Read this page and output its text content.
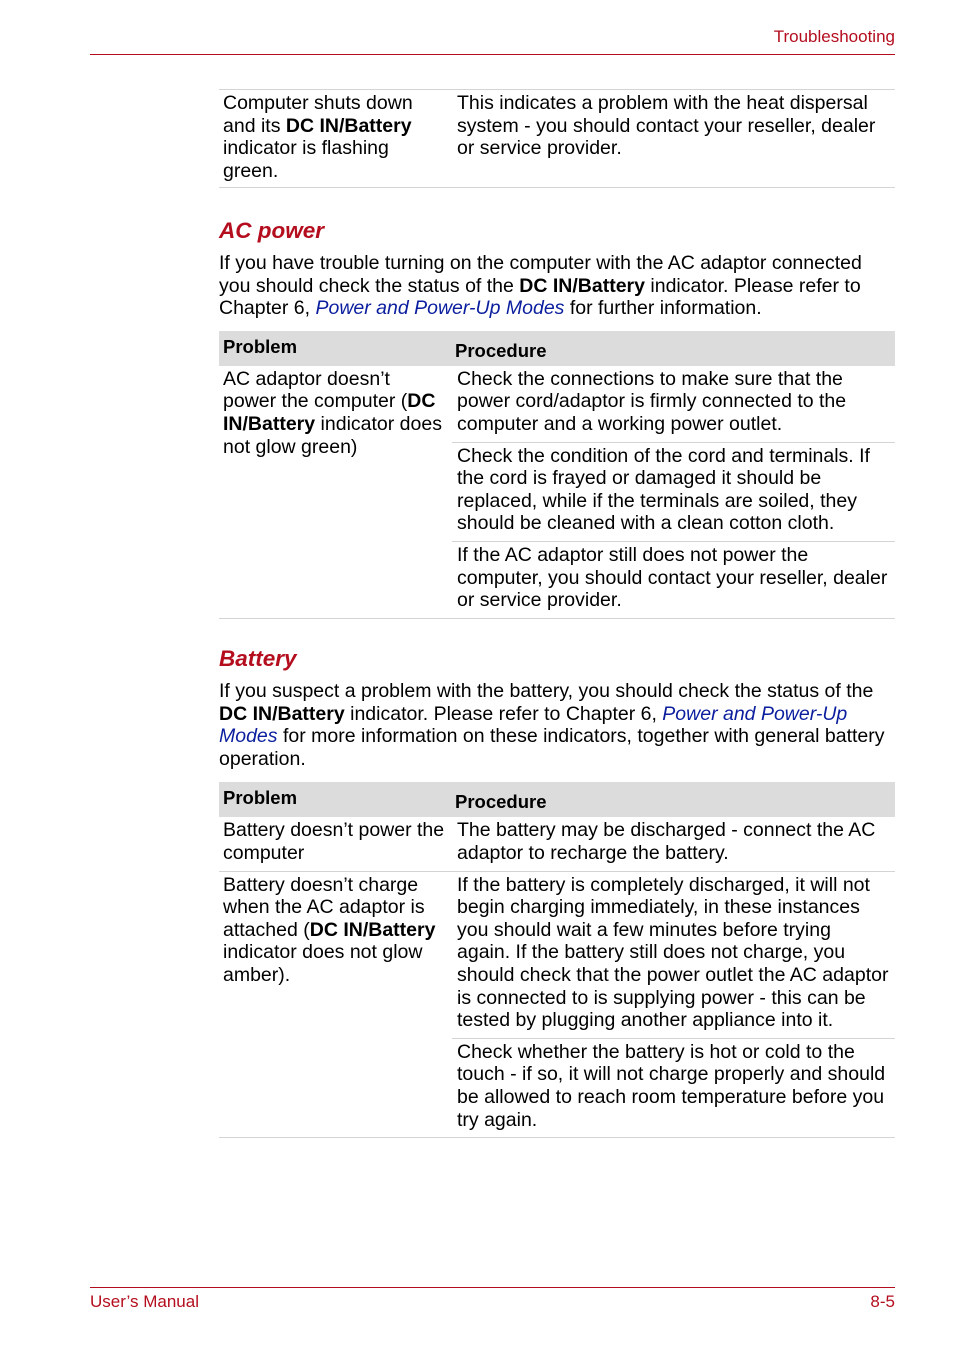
Troubleshooting
Computer shuts down and its DC IN/Battery indicator is flashing green.	This indicates a problem with the heat dispersal system - you should contact your reseller, dealer or service provider.
AC power

If you have trouble turning on the computer with the AC adaptor connected you should check the status of the DC IN/Battery indicator. Please refer to Chapter 6, Power and Power-Up Modes for further information.

Problem	Procedure
AC adaptor doesn’t power the computer (DC IN/Battery indicator does not glow green)	Check the connections to make sure that the power cord/adaptor is firmly connected to the computer and a working power outlet.
	Check the condition of the cord and terminals. If the cord is frayed or damaged it should be replaced, while if the terminals are soiled, they should be cleaned with a clean cotton cloth.
	If the AC adaptor still does not power the computer, you should contact your reseller, dealer or service provider.
Battery

If you suspect a problem with the battery, you should check the status of the DC IN/Battery indicator. Please refer to Chapter 6, Power and Power-Up Modes for more information on these indicators, together with general battery operation.

Problem	Procedure
Battery doesn’t power the computer	The battery may be discharged - connect the AC adaptor to recharge the battery.
Battery doesn’t charge when the AC adaptor is attached (DC IN/Battery indicator does not glow amber).	If the battery is completely discharged, it will not begin charging immediately, in these instances you should wait a few minutes before trying again. If the battery still does not charge, you should check that the power outlet the AC adaptor is connected to is supplying power - this can be tested by plugging another appliance into it.
	Check whether the battery is hot or cold to the touch - if so, it will not charge properly and should be allowed to reach room temperature before you try again.
User’s Manual	8-5
